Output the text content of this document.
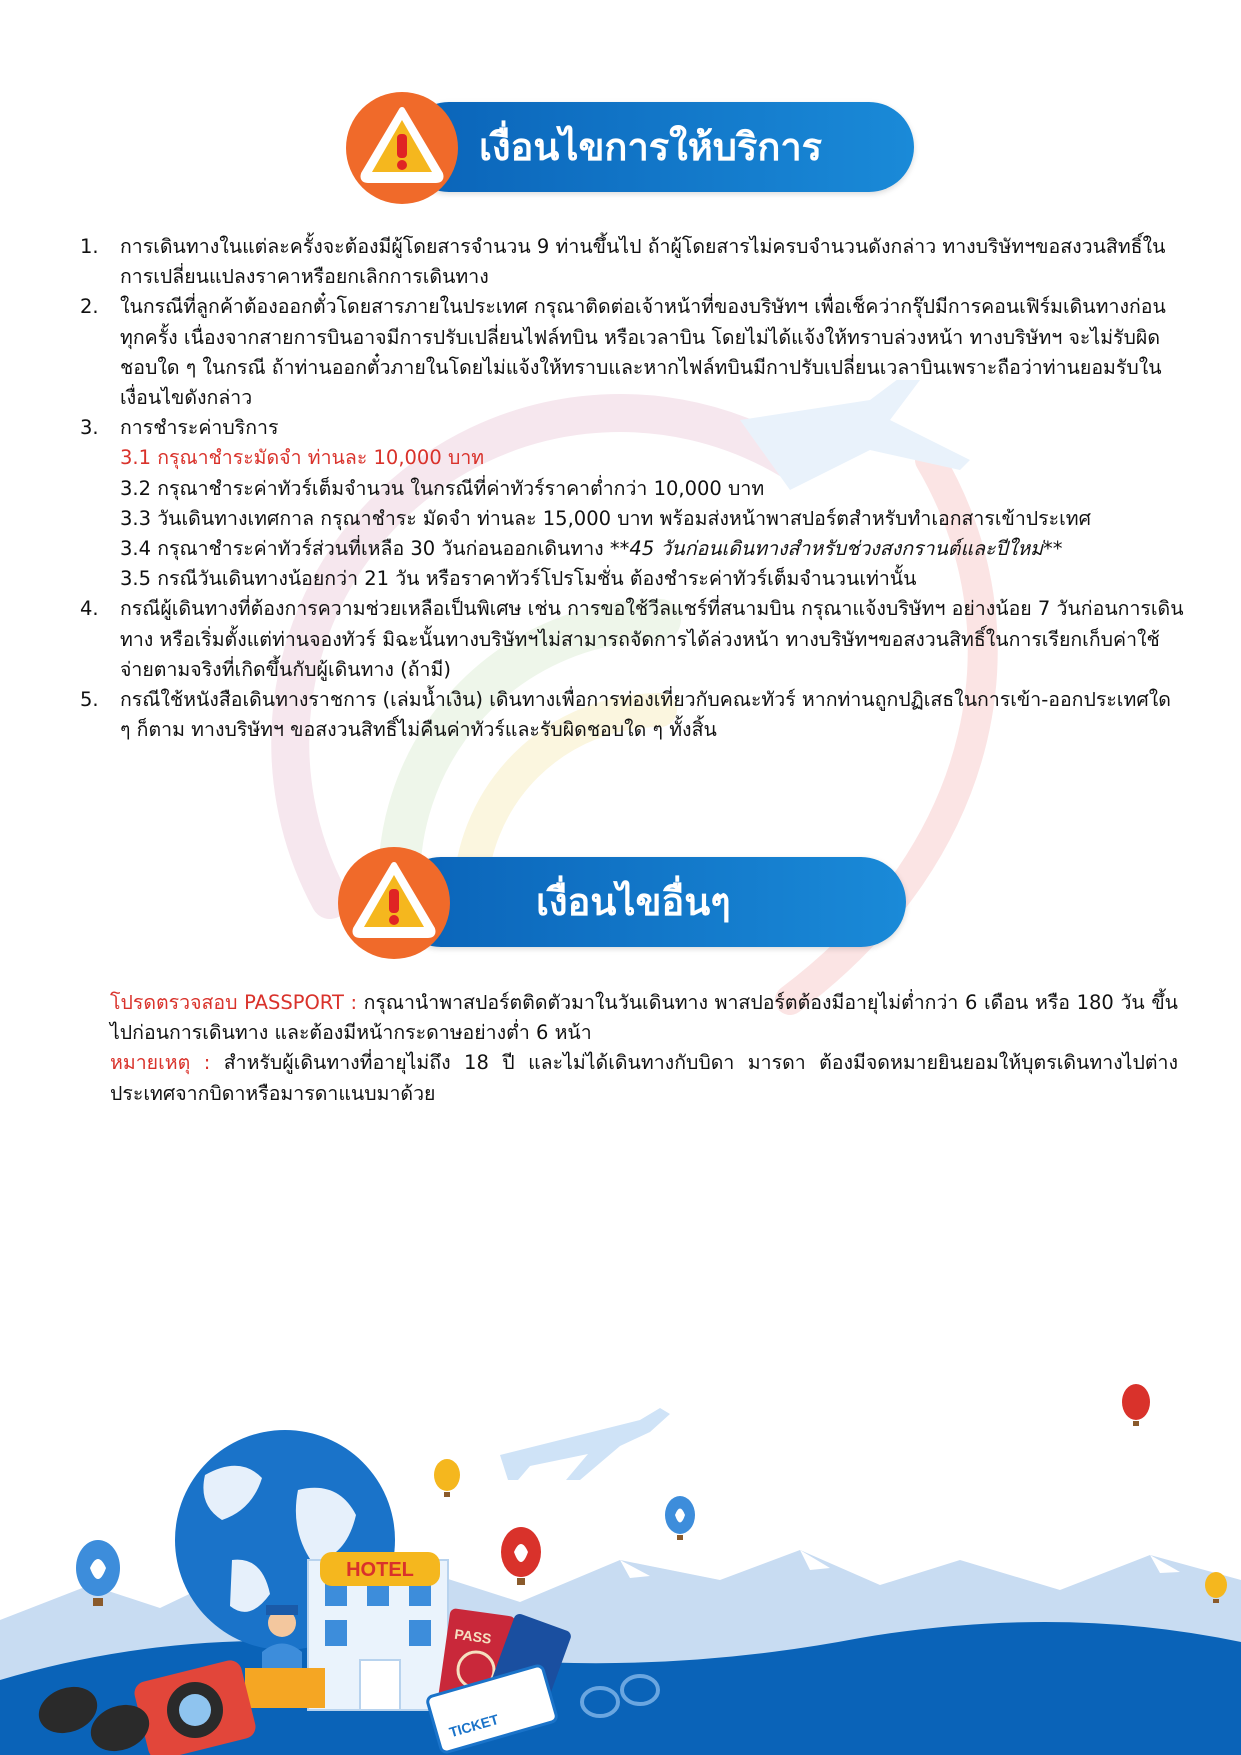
เงื่อนไขการให้บริการ
1. การเดินทางในแต่ละครั้งจะต้องมีผู้โดยสารจำนวน 9 ท่านขึ้นไป ถ้าผู้โดยสารไม่ครบจำนวนดังกล่าว ทางบริษัทฯขอสงวนสิทธิ์ในการเปลี่ยนแปลงราคาหรือยกเลิกการเดินทาง
2. ในกรณีที่ลูกค้าต้องออกตั๋วโดยสารภายในประเทศ กรุณาติดต่อเจ้าหน้าที่ของบริษัทฯ เพื่อเช็คว่ากรุ๊ปมีการคอนเฟิร์มเดินทางก่อนทุกครั้ง เนื่องจากสายการบินอาจมีการปรับเปลี่ยนไฟล์ทบิน หรือเวลาบิน โดยไม่ได้แจ้งให้ทราบล่วงหน้า ทางบริษัทฯ จะไม่รับผิดชอบใด ๆ ในกรณี ถ้าท่านออกตั๋วภายในโดยไม่แจ้งให้ทราบและหากไฟล์ทบินมีกาปรับเปลี่ยนเวลาบินเพราะถือว่าท่านยอมรับในเงื่อนไขดังกล่าว
3. การชำระค่าบริการ
3.1 กรุณาชำระมัดจำ ท่านละ 10,000 บาท
3.2 กรุณาชำระค่าทัวร์เต็มจำนวน ในกรณีที่ค่าทัวร์ราคาต่ำกว่า 10,000 บาท
3.3 วันเดินทางเทศกาล กรุณาชำระ มัดจำ ท่านละ 15,000 บาท พร้อมส่งหน้าพาสปอร์ตสำหรับทำเอกสารเข้าประเทศ
3.4 กรุณาชำระค่าทัวร์ส่วนที่เหลือ 30 วันก่อนออกเดินทาง **45 วันก่อนเดินทางสำหรับช่วงสงกรานต์และปีใหม่**
3.5 กรณีวันเดินทางน้อยกว่า 21 วัน หรือราคาทัวร์โปรโมชั่น ต้องชำระค่าทัวร์เต็มจำนวนเท่านั้น
4. กรณีผู้เดินทางที่ต้องการความช่วยเหลือเป็นพิเศษ เช่น การขอใช้วีลแชร์ที่สนามบิน กรุณาแจ้งบริษัทฯ อย่างน้อย 7 วันก่อนการเดินทาง หรือเริ่มตั้งแต่ท่านจองทัวร์ มิฉะนั้นทางบริษัทฯไม่สามารถจัดการได้ล่วงหน้า ทางบริษัทฯขอสงวนสิทธิ์ในการเรียกเก็บค่าใช้จ่ายตามจริงที่เกิดขึ้นกับผู้เดินทาง (ถ้ามี)
5. กรณีใช้หนังสือเดินทางราชการ (เล่มน้ำเงิน) เดินทางเพื่อการท่องเที่ยวกับคณะทัวร์ หากท่านถูกปฏิเสธในการเข้า-ออกประเทศใด ๆ ก็ตาม ทางบริษัทฯ ขอสงวนสิทธิ์ไม่คืนค่าทัวร์และรับผิดชอบใด ๆ ทั้งสิ้น
เงื่อนไขอื่นๆ

โปรดตรวจสอบ PASSPORT : กรุณานำพาสปอร์ตติดตัวมาในวันเดินทาง พาสปอร์ตต้องมีอายุไม่ต่ำกว่า 6 เดือน หรือ 180 วัน ขึ้นไปก่อนการเดินทาง และต้องมีหน้ากระดาษอย่างต่ำ 6 หน้า

หมายเหตุ : สำหรับผู้เดินทางที่อายุไม่ถึง 18 ปี และไม่ได้เดินทางกับบิดา มารดา ต้องมีจดหมายยินยอมให้บุตรเดินทางไปต่างประเทศจากบิดาหรือมารดาแนบมาด้วย

HOTEL
PASS
TICKET
